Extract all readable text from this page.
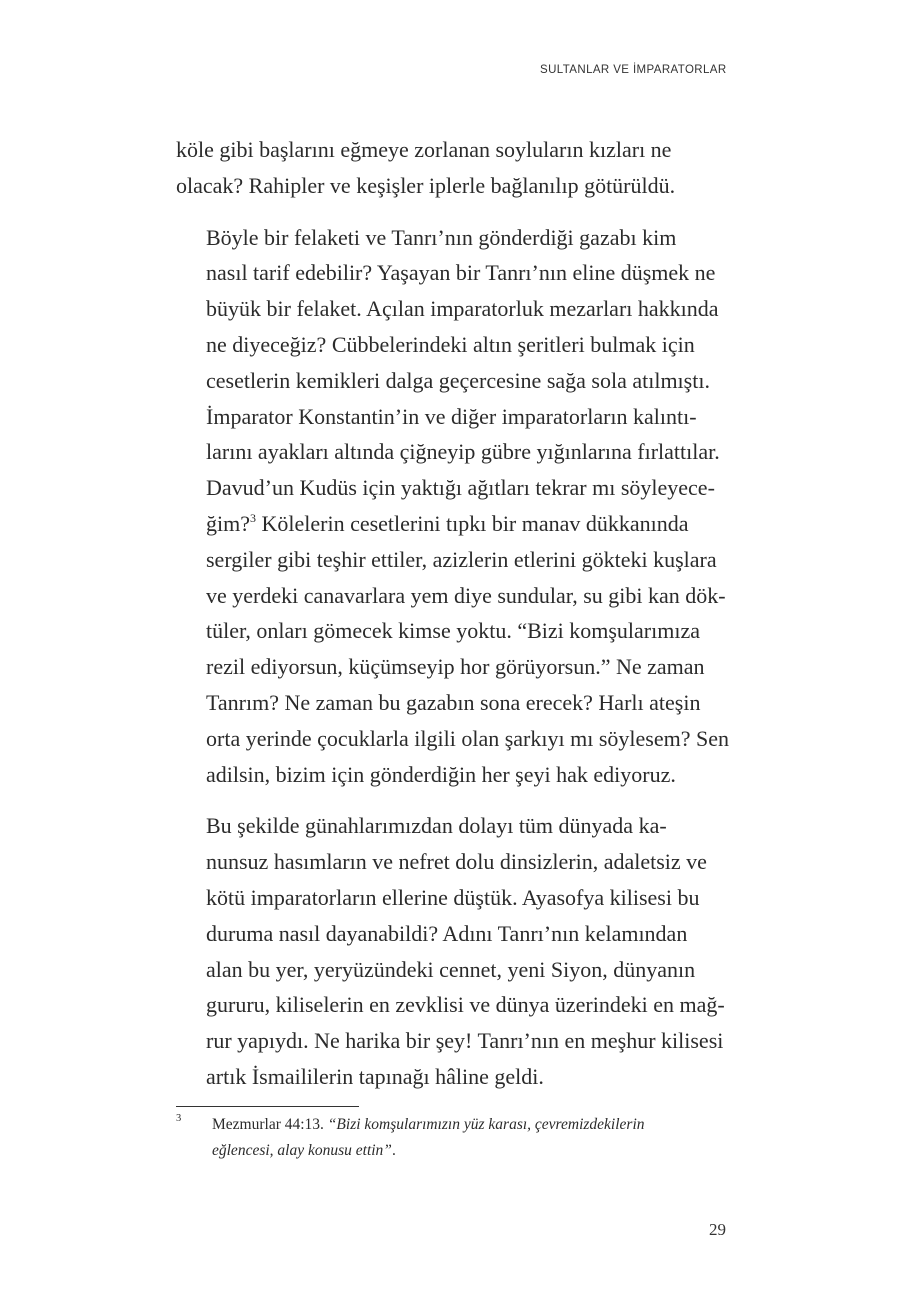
SULTANLAR VE İMPARATORLAR

köle gibi başlarını eğmeye zorlanan soyluların kızları ne
olacak? Rahipler ve keşişler iplerle bağlanılıp götürüldü.

Böyle bir felaketi ve Tanrı’nın gönderdiği gazabı kim
nasıl tarif edebilir? Yaşayan bir Tanrı’nın eline düşmek ne
büyük bir felaket. Açılan imparatorluk mezarları hakkında
ne diyeceğiz? Cübbelerindeki altın şeritleri bulmak için
cesetlerin kemikleri dalga geçercesine sağa sola atılmıştı.
İmparator Konstantin’in ve diğer imparatorların kalıntı-
larını ayakları altında çiğneyip gübre yığınlarına fırlattılar.
Davud’un Kudüs için yaktığı ağıtları tekrar mı söyleyece-
ğim?$^3$ Kölelerin cesetlerini tıpkı bir manav dükkanında
sergiler gibi teşhir ettiler, azizlerin etlerini gökteki kuşlara
ve yerdeki canavarlara yem diye sundular, su gibi kan dök-
tüler, onları gömecek kimse yoktu. “Bizi komşularımıza
rezil ediyorsun, küçümseyip hor görüyorsun.” Ne zaman
Tanrım? Ne zaman bu gazabın sona erecek? Harlı ateşin
orta yerinde çocuklarla ilgili olan şarkıyı mı söylesem? Sen
adilsin, bizim için gönderdiğin her şeyi hak ediyoruz.

Bu şekilde günahlarımızdan dolayı tüm dünyada ka-
nunsuz hasımların ve nefret dolu dinsizlerin, adaletsiz ve
kötü imparatorların ellerine düştük. Ayasofya kilisesi bu
duruma nasıl dayanabildi? Adını Tanrı’nın kelamından
alan bu yer, yeryüzündeki cennet, yeni Siyon, dünyanın
gururu, kiliselerin en zevklisi ve dünya üzerindeki en mağ-
rur yapıydı. Ne harika bir şey! Tanrı’nın en meşhur kilisesi
artık İsmaililerin tapınağı hâline geldi.

3 Mezmurlar 44:13. “Bizi komşularımızın yüz karası, çevremizdekilerin
eğlencesi, alay konusu ettin”.
29
